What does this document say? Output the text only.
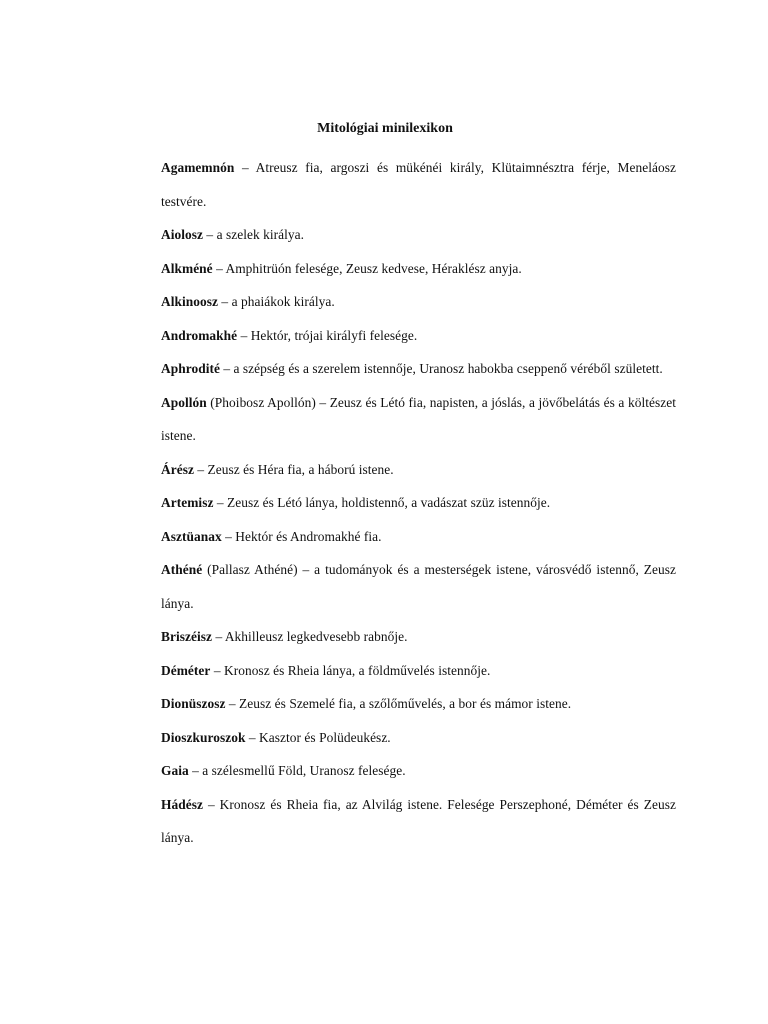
Mitológiai minilexikon

Agamemnón – Atreusz fia, argoszi és mükénéi király, Klütaimnésztra férje, Meneláosz testvére.

Aiolosz – a szelek királya.

Alkméné – Amphitrüón felesége, Zeusz kedvese, Héraklész anyja.

Alkinoosz – a phaiákok királya.

Andromakhé – Hektór, trójai királyfi felesége.

Aphrodité – a szépség és a szerelem istennője, Uranosz habokba cseppenő véréből született.

Apollón (Phoibosz Apollón) – Zeusz és Létó fia, napisten, a jóslás, a jövőbelátás és a költészet istene.

Árész – Zeusz és Héra fia, a háború istene.

Artemisz – Zeusz és Létó lánya, holdistennő, a vadászat szüz istennője.

Asztüanax – Hektór és Andromakhé fia.

Athéné (Pallasz Athéné) – a tudományok és a mesterségek istene, városvédő istennő, Zeusz lánya.

Briszéisz – Akhilleusz legkedvesebb rabnője.

Déméter – Kronosz és Rheia lánya, a földművelés istennője.

Dionüszosz – Zeusz és Szemelé fia, a szőlőművelés, a bor és mámor istene.

Dioszkuroszok – Kasztor és Polüdeukész.

Gaia – a szélesmellű Föld, Uranosz felesége.

Hádész – Kronosz és Rheia fia, az Alvilág istene. Felesége Perszephoné, Déméter és Zeusz lánya.
